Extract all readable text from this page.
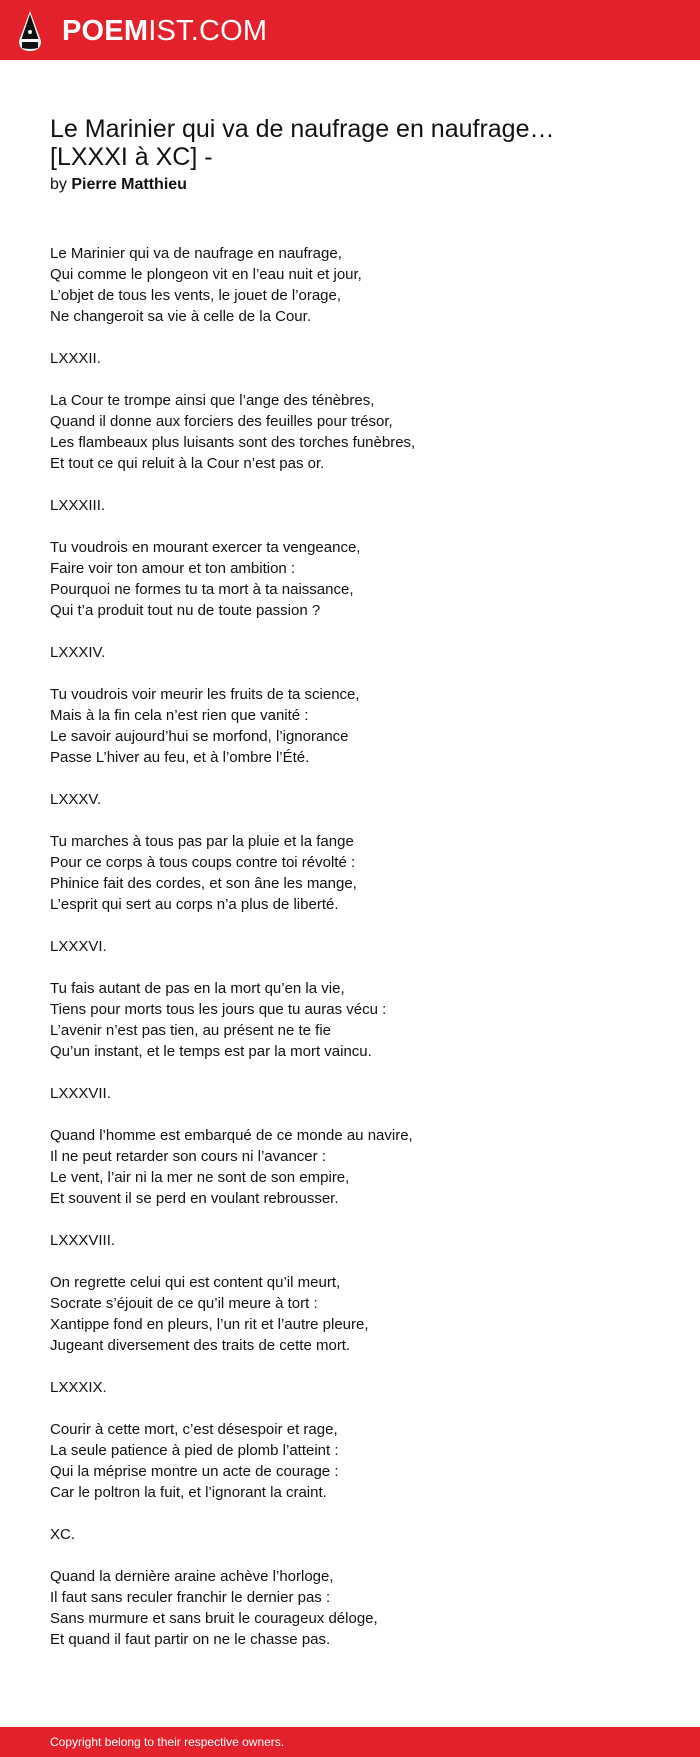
POEMIST.COM
Le Marinier qui va de naufrage en naufrage…
[LXXXI à XC] -
by Pierre Matthieu
Le Marinier qui va de naufrage en naufrage,
Qui comme le plongeon vit en l’eau nuit et jour,
L’objet de tous les vents, le jouet de l’orage,
Ne changeroit sa vie à celle de la Cour.
LXXXII.
La Cour te trompe ainsi que l’ange des ténèbres,
Quand il donne aux forciers des feuilles pour trésor,
Les flambeaux plus luisants sont des torches funèbres,
Et tout ce qui reluit à la Cour n’est pas or.
LXXXIII.
Tu voudrois en mourant exercer ta vengeance,
Faire voir ton amour et ton ambition :
Pourquoi ne formes tu ta mort à ta naissance,
Qui t’a produit tout nu de toute passion ?
LXXXIV.
Tu voudrois voir meurir les fruits de ta science,
Mais à la fin cela n’est rien que vanité :
Le savoir aujourd’hui se morfond, l’ignorance
Passe L’hiver au feu, et à l’ombre l’Été.
LXXXV.
Tu marches à tous pas par la pluie et la fange
Pour ce corps à tous coups contre toi révolté :
Phinice fait des cordes, et son âne les mange,
L’esprit qui sert au corps n’a plus de liberté.
LXXXVI.
Tu fais autant de pas en la mort qu’en la vie,
Tiens pour morts tous les jours que tu auras vécu :
L’avenir n’est pas tien, au présent ne te fie
Qu’un instant, et le temps est par la mort vaincu.
LXXXVII.
Quand l’homme est embarqué de ce monde au navire,
Il ne peut retarder son cours ni l’avancer :
Le vent, l’air ni la mer ne sont de son empire,
Et souvent il se perd en voulant rebrousser.
LXXXVIII.
On regrette celui qui est content qu’il meurt,
Socrate s’éjouit de ce qu’il meure à tort :
Xantippe fond en pleurs, l’un rit et l’autre pleure,
Jugeant diversement des traits de cette mort.
LXXXIX.
Courir à cette mort, c’est désespoir et rage,
La seule patience à pied de plomb l’atteint :
Qui la méprise montre un acte de courage :
Car le poltron la fuit, et l’ignorant la craint.
XC.
Quand la dernière araine achève l’horloge,
Il faut sans reculer franchir le dernier pas :
Sans murmure et sans bruit le courageux déloge,
Et quand il faut partir on ne le chasse pas.
Copyright belong to their respective owners.
